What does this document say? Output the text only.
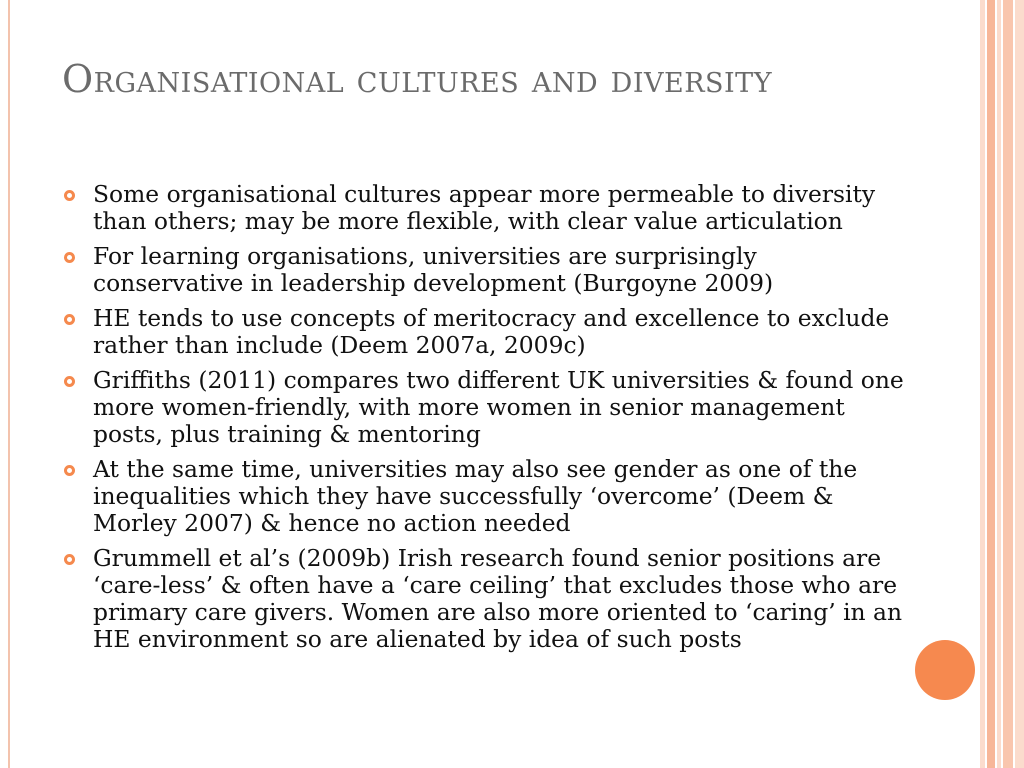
Organisational cultures and diversity
Some organisational cultures appear more permeable to diversity than others; may be more flexible, with clear value articulation
For learning organisations, universities are surprisingly conservative in leadership development (Burgoyne 2009)
HE tends to use concepts of meritocracy and excellence to exclude rather than include (Deem 2007a, 2009c)
Griffiths (2011) compares two different UK universities & found one more women-friendly, with more women in senior management posts, plus training & mentoring
At the same time, universities may also see gender as one of the inequalities which they have successfully ‘overcome’ (Deem & Morley 2007) & hence no action needed
Grummell et al’s (2009b) Irish research found senior positions are ‘care-less’ & often have a ‘care ceiling’ that excludes those who are primary care givers. Women are also more oriented to ‘caring’ in an HE environment so are alienated by idea of such posts
